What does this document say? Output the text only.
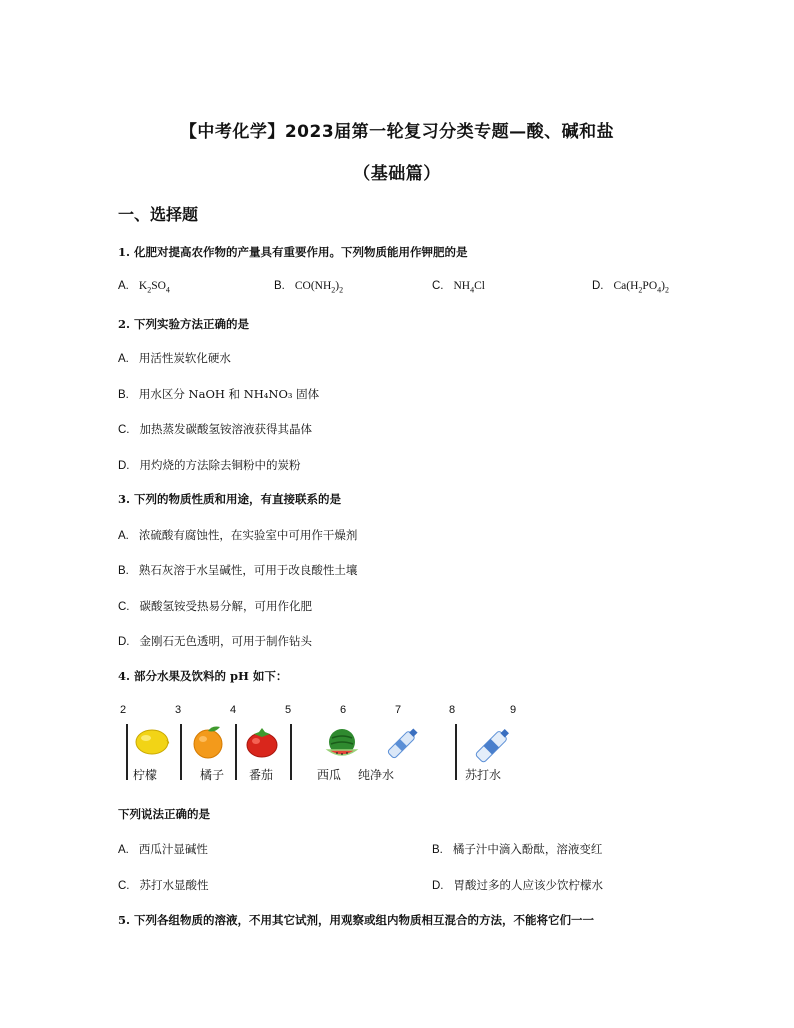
【中考化学】2023届第一轮复习分类专题—酸、碱和盐
（基础篇）
一、选择题
1. 化肥对提高农作物的产量具有重要作用。下列物质能用作钾肥的是
A. $K_2SO_4$	B. $CO(NH_2)_2$	C. $NH_4Cl$	D. $Ca(H_2PO_4)_2$
2. 下列实验方法正确的是
A. 用活性炭软化硬水
B. 用水区分 NaOH 和 NH₄NO₃ 固体
C. 加热蒸发碳酸氢铵溶液获得其晶体
D. 用灼烧的方法除去铜粉中的炭粉
3. 下列的物质性质和用途，有直接联系的是
A. 浓硫酸有腐蚀性，在实验室中可用作干燥剂
B. 熟石灰溶于水呈碱性，可用于改良酸性土壤
C. 碳酸氢铵受热易分解，可用作化肥
D. 金刚石无色透明，可用于制作钻头
4. 部分水果及饮料的 pH 如下：
2	3	4	5	6	7	8	9
柠檬	橘子 番茄	西瓜 纯净水	苏打水
下列说法正确的是
A. 西瓜汁显碱性	B. 橘子汁中滴入酚酞，溶液变红
C. 苏打水显酸性	D. 胃酸过多的人应该少饮柠檬水
5. 下列各组物质的溶液，不用其它试剂，用观察或组内物质相互混合的方法，不能将它们一一
